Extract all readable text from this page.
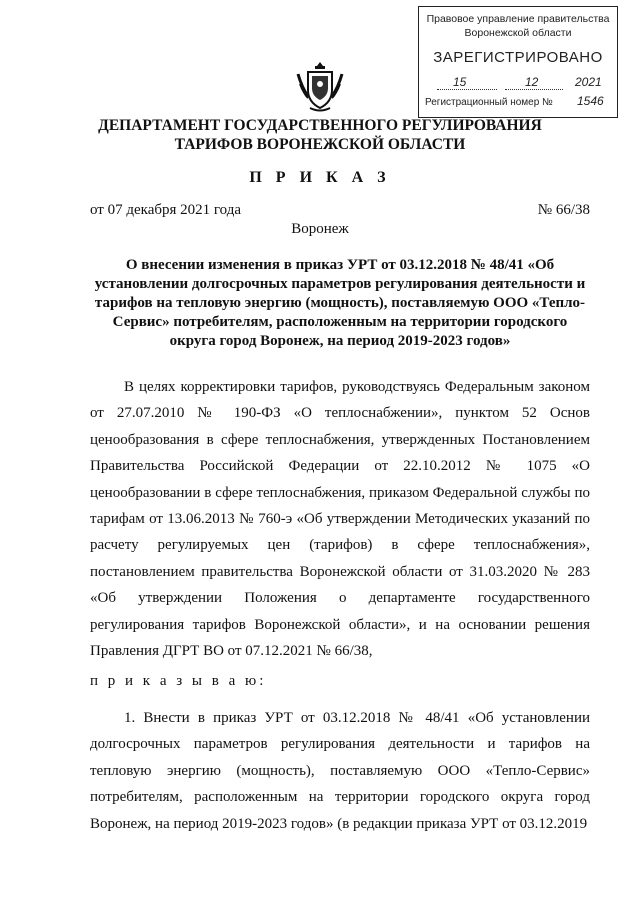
Правовое управление правительства
Воронежской области
ЗАРЕГИСТРИРОВАНО
15	12	2021
Регистрационный номер № 1546
ДЕПАРТАМЕНТ ГОСУДАРСТВЕННОГО РЕГУЛИРОВАНИЯ
ТАРИФОВ ВОРОНЕЖСКОЙ ОБЛАСТИ
П Р И К А З
от 07 декабря 2021 года	№ 66/38
Воронеж
О внесении изменения в приказ УРТ от 03.12.2018 № 48/41 «Об установлении долгосрочных параметров регулирования деятельности и тарифов на тепловую энергию (мощность), поставляемую ООО «Тепло-Сервис» потребителям, расположенным на территории городского округа город Воронеж, на период 2019-2023 годов»
В целях корректировки тарифов, руководствуясь Федеральным законом от 27.07.2010 № 190-ФЗ «О теплоснабжении», пунктом 52 Основ ценообразования в сфере теплоснабжения, утвержденных Постановлением Правительства Российской Федерации от 22.10.2012 № 1075 «О ценообразовании в сфере теплоснабжения, приказом Федеральной службы по тарифам от 13.06.2013 № 760-э «Об утверждении Методических указаний по расчету регулируемых цен (тарифов) в сфере теплоснабжения», постановлением правительства Воронежской области от 31.03.2020 № 283 «Об утверждении Положения о департаменте государственного регулирования тарифов Воронежской области», и на основании решения Правления ДГРТ ВО от 07.12.2021 № 66/38,
п р и к а з ы в а ю:
1. Внести в приказ УРТ от 03.12.2018 № 48/41 «Об установлении долгосрочных параметров регулирования деятельности и тарифов на тепловую энергию (мощность), поставляемую ООО «Тепло-Сервис» потребителям, расположенным на территории городского округа город Воронеж, на период 2019-2023 годов» (в редакции приказа УРТ от 03.12.2019
